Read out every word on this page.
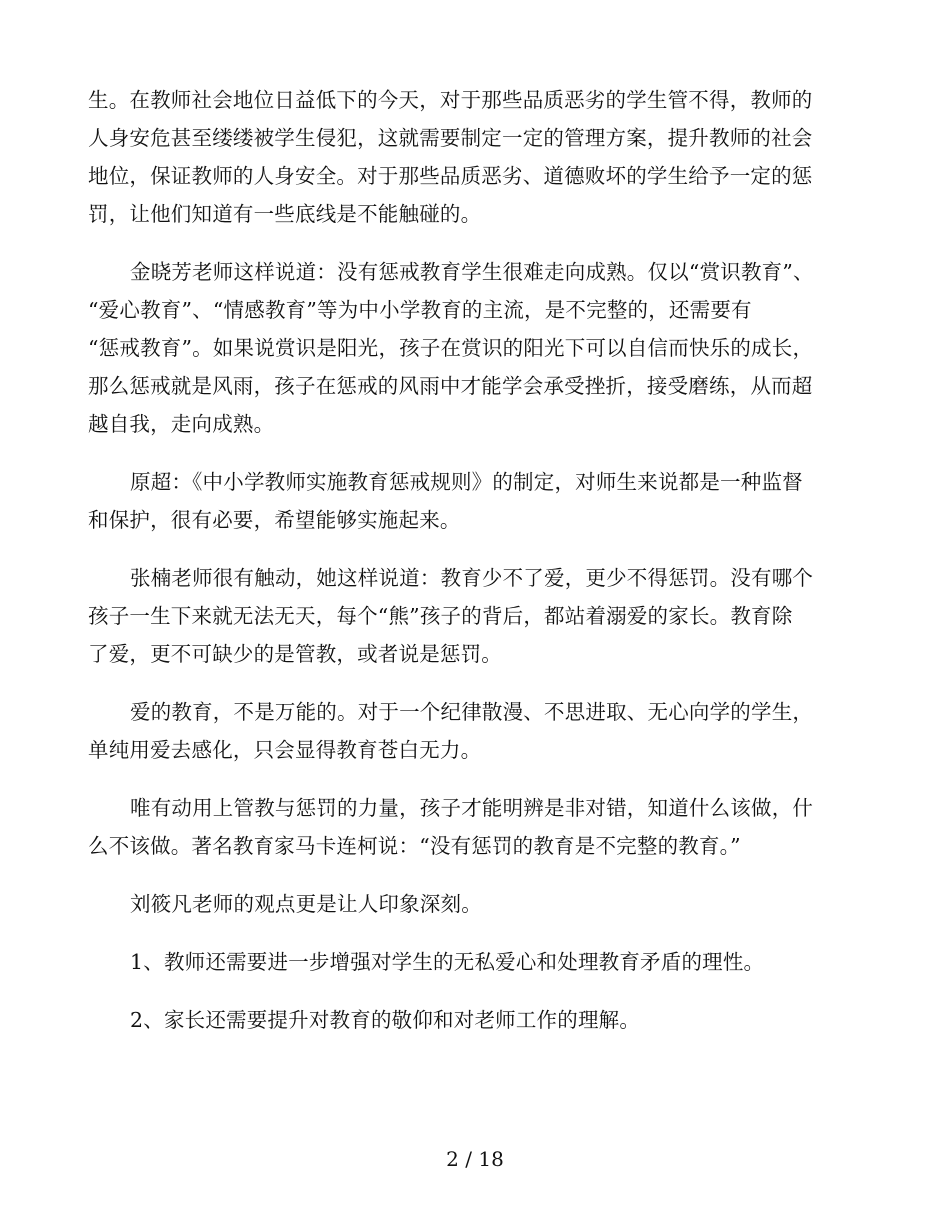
生。在教师社会地位日益低下的今天，对于那些品质恶劣的学生管不得，教师的
人身安危甚至缕缕被学生侵犯，这就需要制定一定的管理方案，提升教师的社会
地位，保证教师的人身安全。对于那些品质恶劣、道德败坏的学生给予一定的惩
罚，让他们知道有一些底线是不能触碰的。
金晓芳老师这样说道：没有惩戒教育学生很难走向成熟。仅以“赏识教育”、
“爱心教育”、“情感教育”等为中小学教育的主流，是不完整的，还需要有
“惩戒教育”。如果说赏识是阳光，孩子在赏识的阳光下可以自信而快乐的成长，
那么惩戒就是风雨，孩子在惩戒的风雨中才能学会承受挫折，接受磨练，从而超
越自我，走向成熟。
原超：《中小学教师实施教育惩戒规则》的制定，对师生来说都是一种监督
和保护，很有必要，希望能够实施起来。
张楠老师很有触动，她这样说道：教育少不了爱，更少不得惩罚。没有哪个
孩子一生下来就无法无天，每个“熊”孩子的背后，都站着溺爱的家长。教育除
了爱，更不可缺少的是管教，或者说是惩罚。
爱的教育，不是万能的。对于一个纪律散漫、不思进取、无心向学的学生，
单纯用爱去感化，只会显得教育苍白无力。
唯有动用上管教与惩罚的力量，孩子才能明辨是非对错，知道什么该做，什
么不该做。著名教育家马卡连柯说：“没有惩罚的教育是不完整的教育。”
刘筱凡老师的观点更是让人印象深刻。
1、教师还需要进一步增强对学生的无私爱心和处理教育矛盾的理性。
2、家长还需要提升对教育的敬仰和对老师工作的理解。
2 / 18
